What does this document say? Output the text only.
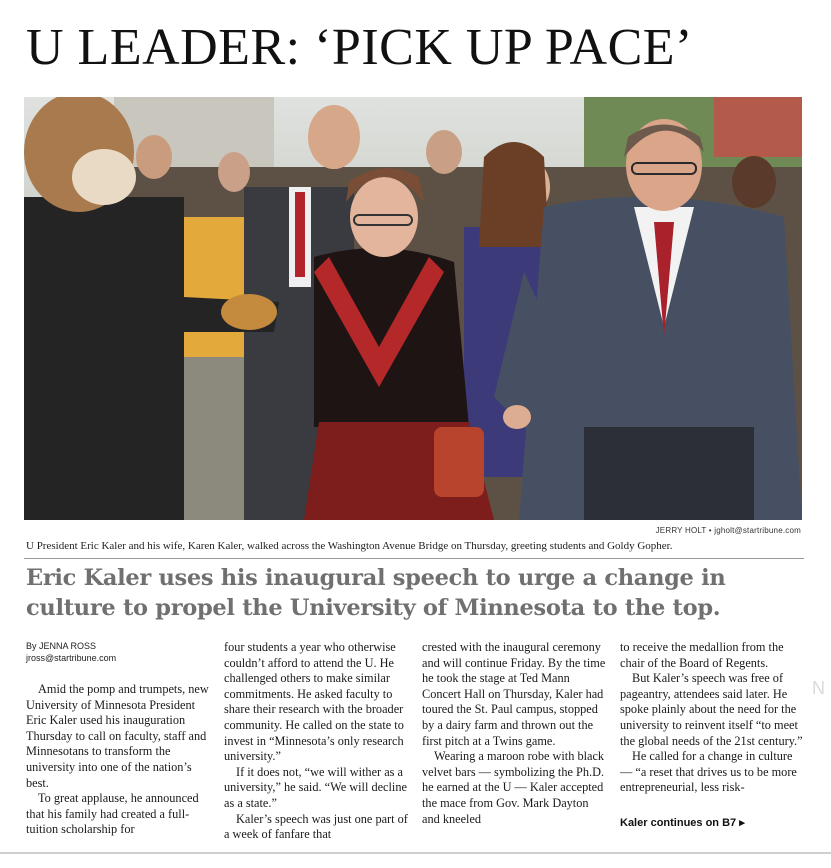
U LEADER: ‘PICK UP PACE’
JERRY HOLT • jgholt@startribune.com
U President Eric Kaler and his wife, Karen Kaler, walked across the Washington Avenue Bridge on Thursday, greeting students and Goldy Gopher.
Eric Kaler uses his inaugural speech to urge a change in
culture to propel the University of Minnesota to the top.
By JENNA ROSS
jross@startribune.com

Amid the pomp and trumpets, new University of Minnesota President Eric Kaler used his inauguration Thursday to call on faculty, staff and Minnesotans to transform the university into one of the nation’s best.

To great applause, he announced that his family had created a full-tuition scholarship for

four students a year who otherwise couldn’t afford to attend the U. He challenged others to make similar commitments. He asked faculty to share their research with the broader community. He called on the state to invest in “Minnesota’s only research university.”

If it does not, “we will wither as a university,” he said. “We will decline as a state.”

Kaler’s speech was just one part of a week of fanfare that

crested with the inaugural ceremony and will continue Friday. By the time he took the stage at Ted Mann Concert Hall on Thursday, Kaler had toured the St. Paul campus, stopped by a dairy farm and thrown out the first pitch at a Twins game.

Wearing a maroon robe with black velvet bars — symbolizing the Ph.D. he earned at the U — Kaler accepted the mace from Gov. Mark Dayton and kneeled

to receive the medallion from the chair of the Board of Regents.

But Kaler’s speech was free of pageantry, attendees said later. He spoke plainly about the need for the university to reinvent itself “to meet the global needs of the 21st century.”

He called for a change in culture — “a reset that drives us to be more entrepreneurial, less risk-

Kaler continues on B7 ▸
N
